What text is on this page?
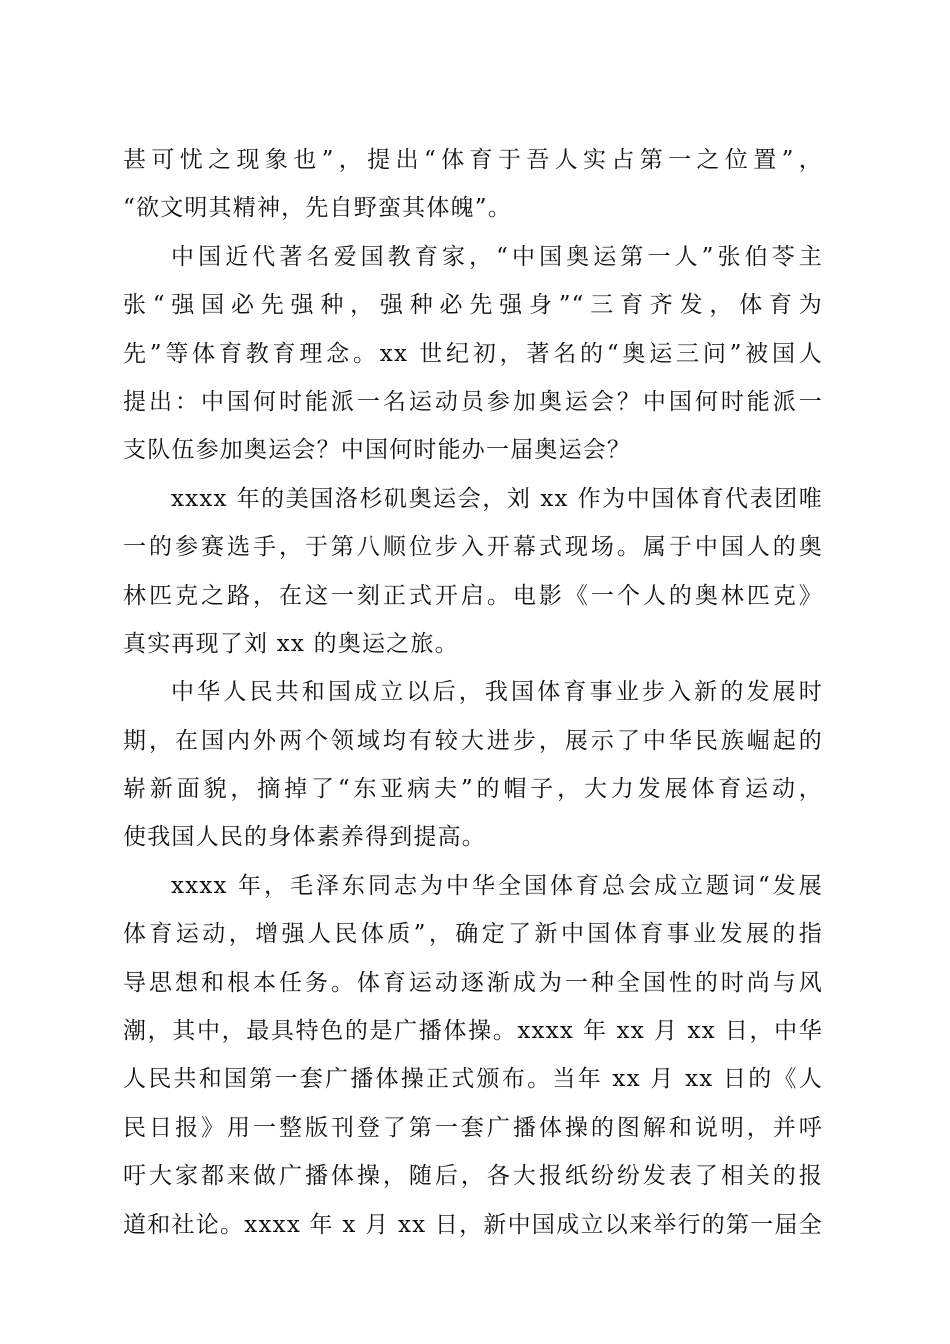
甚可忧之现象也”，提出“体育于吾人实占第一之位置”，
“欲文明其精神，先自野蛮其体魄”。
中国近代著名爱国教育家，“中国奥运第一人”张伯苓主
张“强国必先强种，强种必先强身”“三育齐发，体育为
先”等体育教育理念。xx 世纪初，著名的“奥运三问”被国人
提出：中国何时能派一名运动员参加奥运会？中国何时能派一
支队伍参加奥运会？中国何时能办一届奥运会？
xxxx 年的美国洛杉矶奥运会，刘 xx 作为中国体育代表团唯
一的参赛选手，于第八顺位步入开幕式现场。属于中国人的奥
林匹克之路，在这一刻正式开启。电影《一个人的奥林匹克》
真实再现了刘 xx 的奥运之旅。
中华人民共和国成立以后，我国体育事业步入新的发展时
期，在国内外两个领域均有较大进步，展示了中华民族崛起的
崭新面貌，摘掉了“东亚病夫”的帽子，大力发展体育运动，
使我国人民的身体素养得到提高。
xxxx 年，毛泽东同志为中华全国体育总会成立题词“发展
体育运动，增强人民体质”，确定了新中国体育事业发展的指
导思想和根本任务。体育运动逐渐成为一种全国性的时尚与风
潮，其中，最具特色的是广播体操。xxxx 年 xx 月 xx 日，中华
人民共和国第一套广播体操正式颁布。当年 xx 月 xx 日的《人
民日报》用一整版刊登了第一套广播体操的图解和说明，并呼
吁大家都来做广播体操，随后，各大报纸纷纷发表了相关的报
道和社论。xxxx 年 x 月 xx 日，新中国成立以来举行的第一届全
